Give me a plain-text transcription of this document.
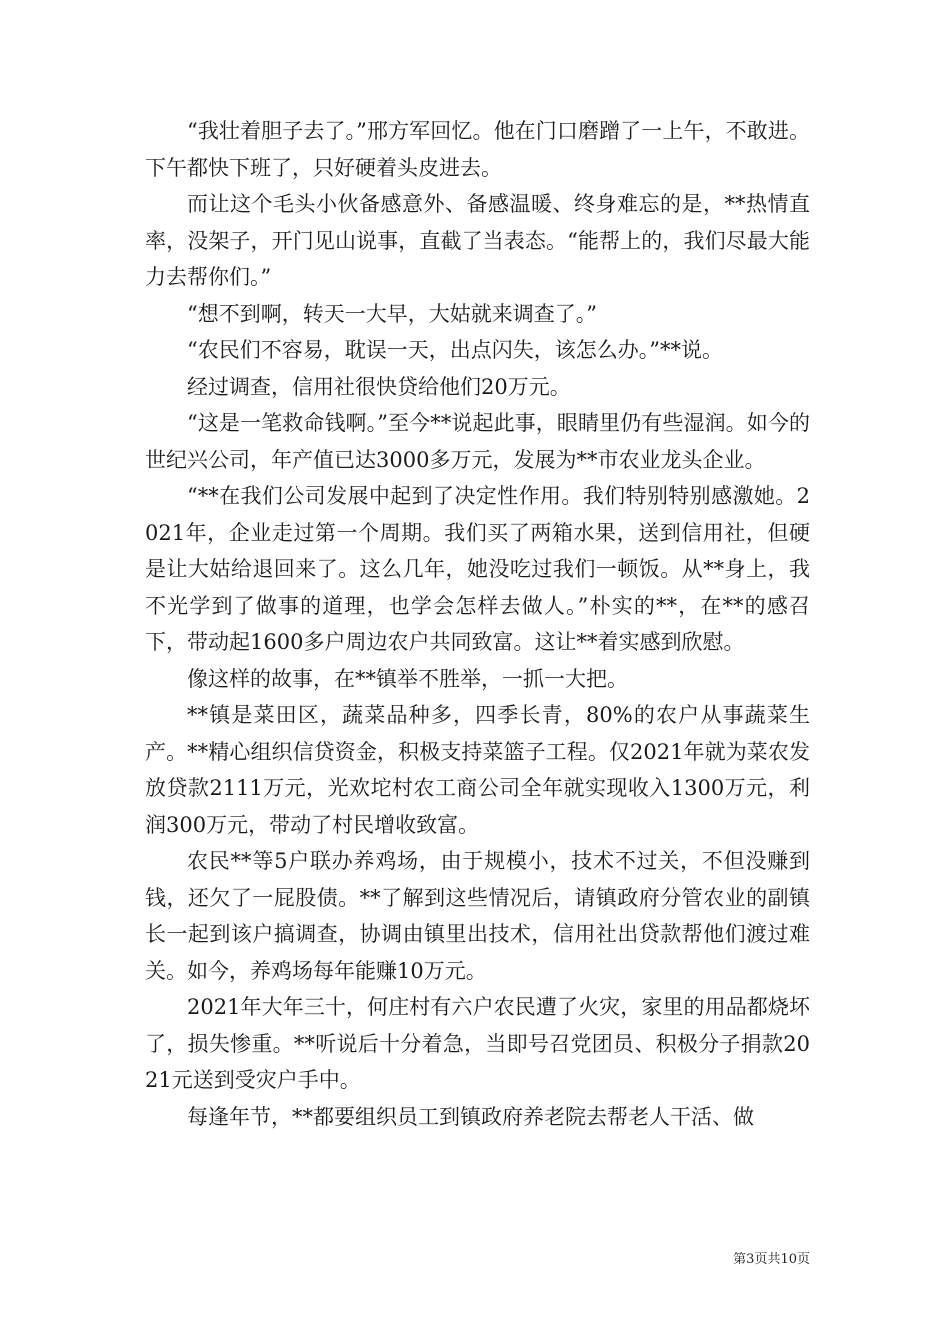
“我壮着胆子去了。”邢方军回忆。他在门口磨蹭了一上午，不敢进。下午都快下班了，只好硬着头皮进去。

而让这个毛头小伙备感意外、备感温暖、终身难忘的是，**热情直率，没架子，开门见山说事，直截了当表态。“能帮上的，我们尽最大能力去帮你们。”

“想不到啊，转天一大早，大姑就来调查了。”

“农民们不容易，耽误一天，出点闪失，该怎么办。”**说。

经过调查，信用社很快贷给他们20万元。

“这是一笔救命钱啊。”至今**说起此事，眼睛里仍有些湿润。如今的世纪兴公司，年产值已达3000多万元，发展为**市农业龙头企业。

“**在我们公司发展中起到了决定性作用。我们特别特别感激她。2021年，企业走过第一个周期。我们买了两箱水果，送到信用社，但硬是让大姑给退回来了。这么几年，她没吃过我们一顿饭。从**身上，我不光学到了做事的道理，也学会怎样去做人。”朴实的**，在**的感召下，带动起1600多户周边农户共同致富。这让**着实感到欣慰。

像这样的故事，在**镇举不胜举，一抓一大把。

**镇是菜田区，蔬菜品种多，四季长青，80%的农户从事蔬菜生产。**精心组织信贷资金，积极支持菜篮子工程。仅2021年就为菜农发放贷款2111万元，光欢坨村农工商公司全年就实现收入1300万元，利润300万元，带动了村民增收致富。

农民**等5户联办养鸡场，由于规模小，技术不过关，不但没赚到钱，还欠了一屁股债。**了解到这些情况后，请镇政府分管农业的副镇长一起到该户搞调查，协调由镇里出技术，信用社出贷款帮他们渡过难关。如今，养鸡场每年能赚10万元。

2021年大年三十，何庄村有六户农民遭了火灾，家里的用品都烧坏了，损失惨重。**听说后十分着急，当即号召党团员、积极分子捐款2021元送到受灾户手中。

每逢年节，**都要组织员工到镇政府养老院去帮老人干活、做

第3页共10页
